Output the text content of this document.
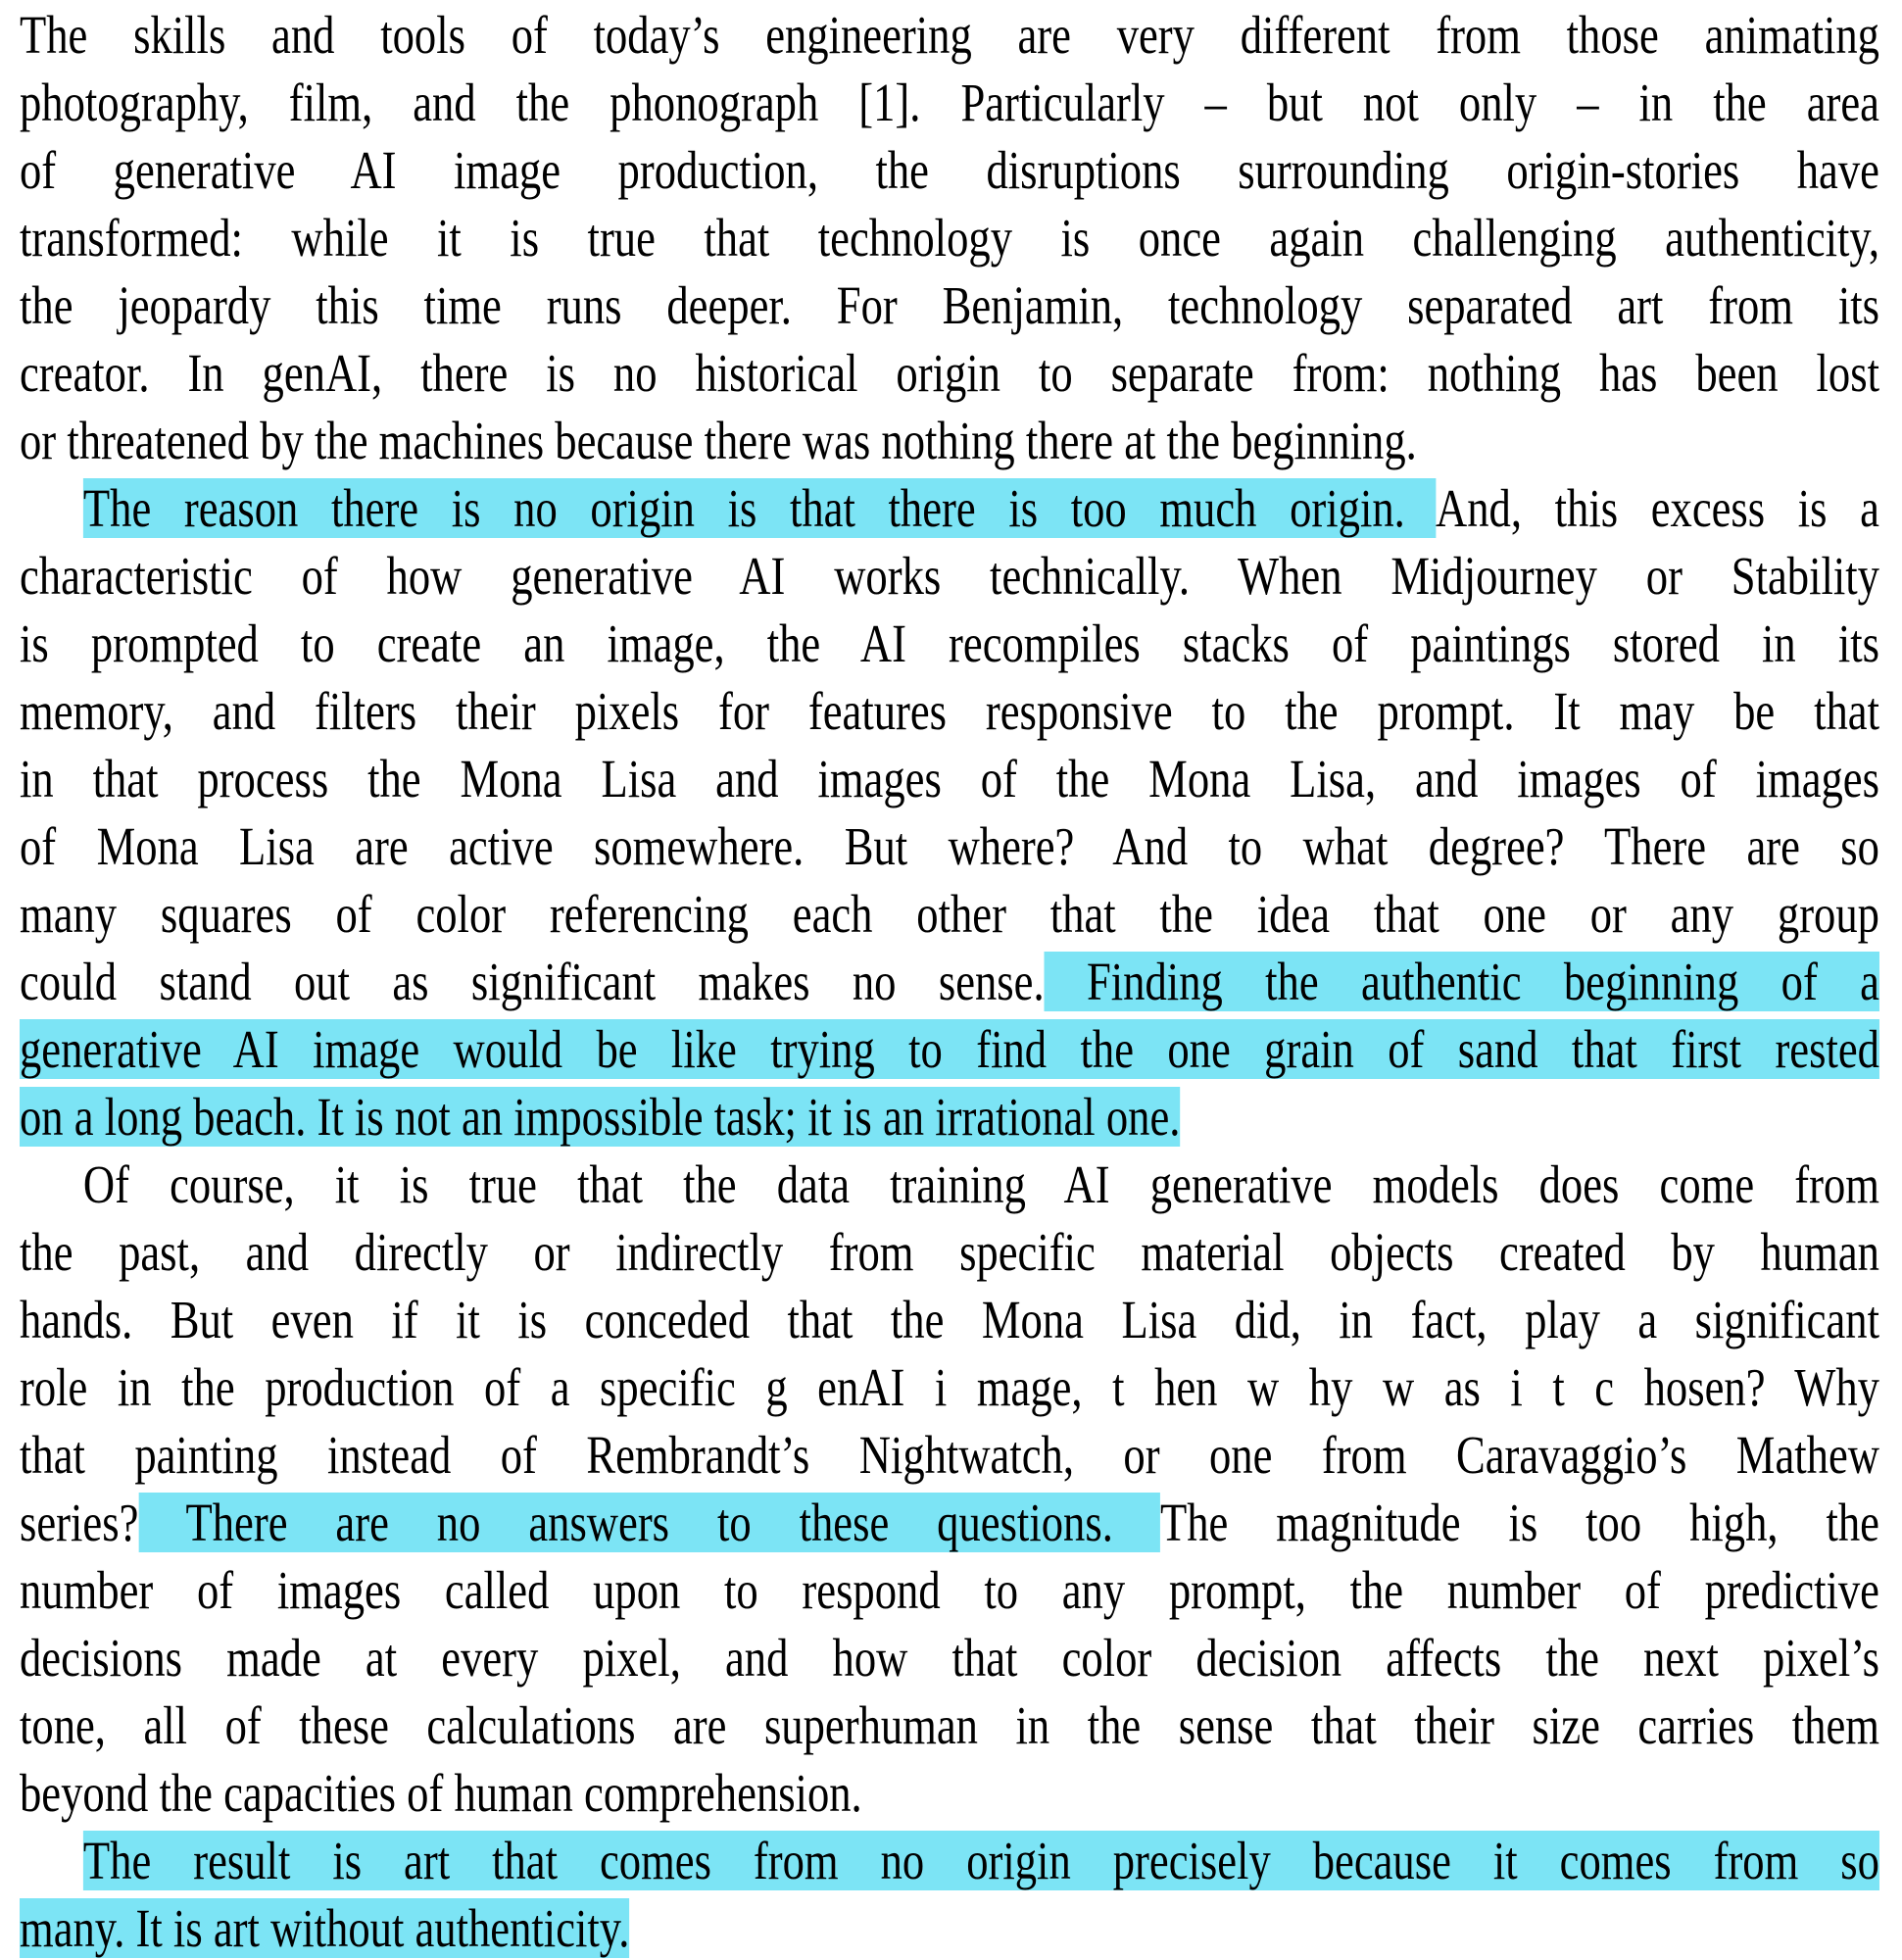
The skills and tools of today’s engineering are very different from those animating
photography, film, and the phonograph [1]. Particularly – but not only – in the area
of generative AI image production, the disruptions surrounding origin-stories have
transformed: while it is true that technology is once again challenging authenticity,
the jeopardy this time runs deeper. For Benjamin, technology separated art from its
creator. In genAI, there is no historical origin to separate from: nothing has been lost
or threatened by the machines because there was nothing there at the beginning.
The reason there is no origin is that there is too much origin. And, this excess is a
characteristic of how generative AI works technically. When Midjourney or Stability
is prompted to create an image, the AI recompiles stacks of paintings stored in its
memory, and filters their pixels for features responsive to the prompt. It may be that
in that process the Mona Lisa and images of the Mona Lisa, and images of images
of Mona Lisa are active somewhere. But where? And to what degree? There are so
many squares of color referencing each other that the idea that one or any group
could stand out as significant makes no sense. Finding the authentic beginning of a
generative AI image would be like trying to find the one grain of sand that first rested
on a long beach. It is not an impossible task; it is an irrational one.
Of course, it is true that the data training AI generative models does come from
the past, and directly or indirectly from specific material objects created by human
hands. But even if it is conceded that the Mona Lisa did, in fact, play a significant
role in the production of a specific g enAI i mage, t hen w hy w as i t c hosen? Why
that painting instead of Rembrandt’s Nightwatch, or one from Caravaggio’s Mathew
series? There are no answers to these questions. The magnitude is too high, the
number of images called upon to respond to any prompt, the number of predictive
decisions made at every pixel, and how that color decision affects the next pixel’s
tone, all of these calculations are superhuman in the sense that their size carries them
beyond the capacities of human comprehension.
The result is art that comes from no origin precisely because it comes from so
many. It is art without authenticity.
